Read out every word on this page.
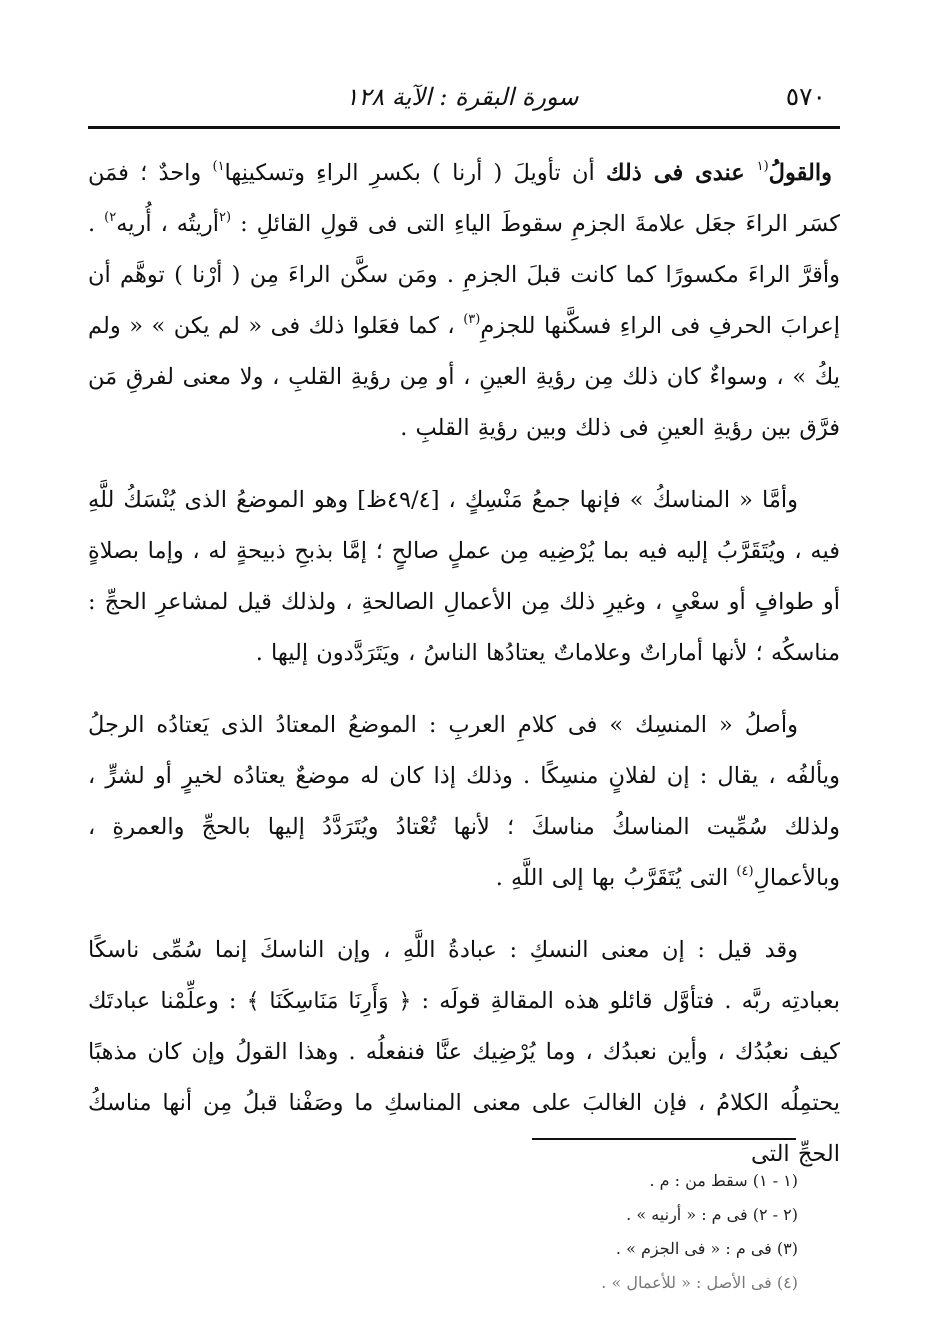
٥٧٠
سورة البقرة : الآية ١٢٨

والقولُ$^{(١}$ عندى فى ذلك أن تأويلَ ( أرنا ) بكسرِ الراءِ وتسكينِها$^{١)}$ واحدٌ ؛ فمَن كسَر الراءَ جعَل علامةَ الجزمِ سقوطَ الياءِ التى فى قولِ القائلِ : $^{(٢}$أريتُه ، أُريه$^{٢)}$ . وأقرَّ الراءَ مكسورًا كما كانت قبلَ الجزمِ . ومَن سكَّن الراءَ مِن ( أرْنا ) توهَّم أن إعرابَ الحرفِ فى الراءِ فسكَّنها للجزمِ$^{(٣)}$ ، كما فعَلوا ذلك فى « لم يكن » « ولم يكُ » ، وسواءٌ كان ذلك مِن رؤيةِ العينِ ، أو مِن رؤيةِ القلبِ ، ولا معنى لفرقِ مَن فرَّق بين رؤيةِ العينِ فى ذلك وبين رؤيةِ القلبِ .

وأمَّا « المناسكُ » فإنها جمعُ مَنْسِكٍ ، [٤٩/٤ظ] وهو الموضعُ الذى يُنْسَكُ للَّهِ فيه ، ويُتَقَرَّبُ إليه فيه بما يُرْضِيه مِن عملٍ صالحٍ ؛ إمَّا بذبحِ ذبيحةٍ له ، وإما بصلاةٍ أو طوافٍ أو سعْىٍ ، وغيرِ ذلك مِن الأعمالِ الصالحةِ ، ولذلك قيل لمشاعرِ الحجِّ : مناسكُه ؛ لأنها أماراتٌ وعلاماتٌ يعتادُها الناسُ ، ويَتَرَدَّدون إليها .

وأصلُ « المنسِك » فى كلامِ العربِ : الموضعُ المعتادُ الذى يَعتادُه الرجلُ ويألفُه ، يقال : إن لفلانٍ منسِكًا . وذلك إذا كان له موضعٌ يعتادُه لخيرٍ أو لشرٍّ ، ولذلك سُمِّيت المناسكُ مناسكَ ؛ لأنها تُعْتادُ ويُتَرَدَّدُ إليها بالحجِّ والعمرةِ ، وبالأعمالِ$^{(٤)}$ التى يُتَقَرَّبُ بها إلى اللَّهِ .

وقد قيل : إن معنى النسكِ : عبادةُ اللَّهِ ، وإن الناسكَ إنما سُمِّى ناسكًا بعبادتِه ربَّه . فتأوَّل قائلو هذه المقالةِ قولَه : ﴿ وَأَرِنَا مَنَاسِكَنَا ﴾ : وعلِّمْنا عبادتَك كيف نعبُدُك ، وأين نعبدُك ، وما يُرْضِيك عنَّا فنفعلُه . وهذا القولُ وإن كان مذهبًا يحتمِلُه الكلامُ ، فإن الغالبَ على معنى المناسكِ ما وصَفْنا قبلُ مِن أنها مناسكُ الحجِّ التى

(١ - ١) سقط من : م .
(٢ - ٢) فى م : « أرنيه » .
(٣) فى م : « فى الجزم » .
(٤) فى الأصل : « للأعمال » .
